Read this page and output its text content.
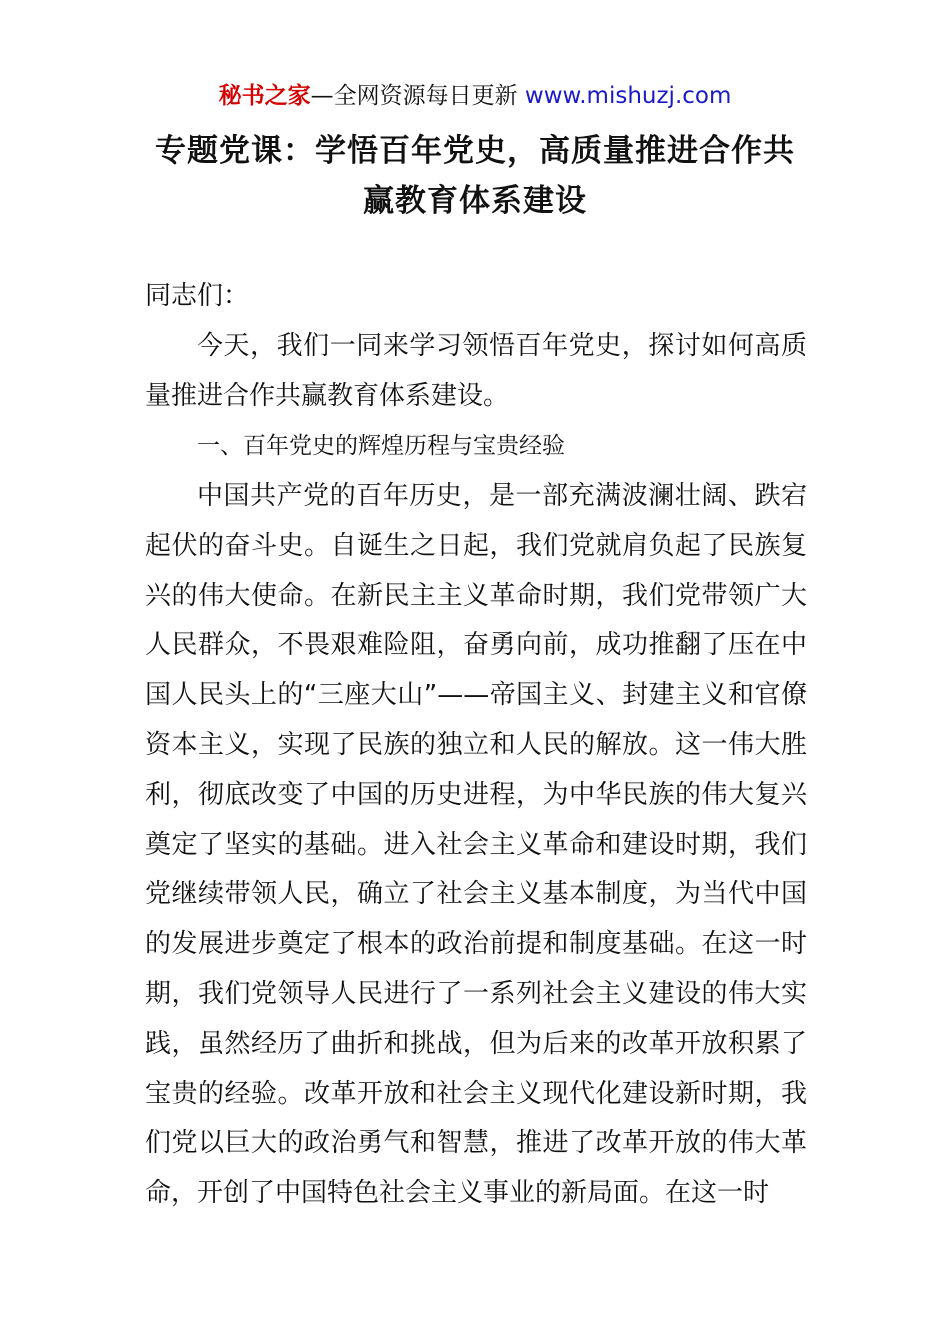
秘书之家—全网资源每日更新 www.mishuzj.com
专题党课：学悟百年党史，高质量推进合作共
赢教育体系建设

同志们：

今天，我们一同来学习领悟百年党史，探讨如何高质量推进合作共赢教育体系建设。

一、百年党史的辉煌历程与宝贵经验

中国共产党的百年历史，是一部充满波澜壮阔、跌宕起伏的奋斗史。自诞生之日起，我们党就肩负起了民族复兴的伟大使命。在新民主主义革命时期，我们党带领广大人民群众，不畏艰难险阻，奋勇向前，成功推翻了压在中国人民头上的“三座大山”——帝国主义、封建主义和官僚资本主义，实现了民族的独立和人民的解放。这一伟大胜利，彻底改变了中国的历史进程，为中华民族的伟大复兴奠定了坚实的基础。进入社会主义革命和建设时期，我们党继续带领人民，确立了社会主义基本制度，为当代中国的发展进步奠定了根本的政治前提和制度基础。在这一时期，我们党领导人民进行了一系列社会主义建设的伟大实践，虽然经历了曲折和挑战，但为后来的改革开放积累了宝贵的经验。改革开放和社会主义现代化建设新时期，我们党以巨大的政治勇气和智慧，推进了改革开放的伟大革命，开创了中国特色社会主义事业的新局面。在这一时
